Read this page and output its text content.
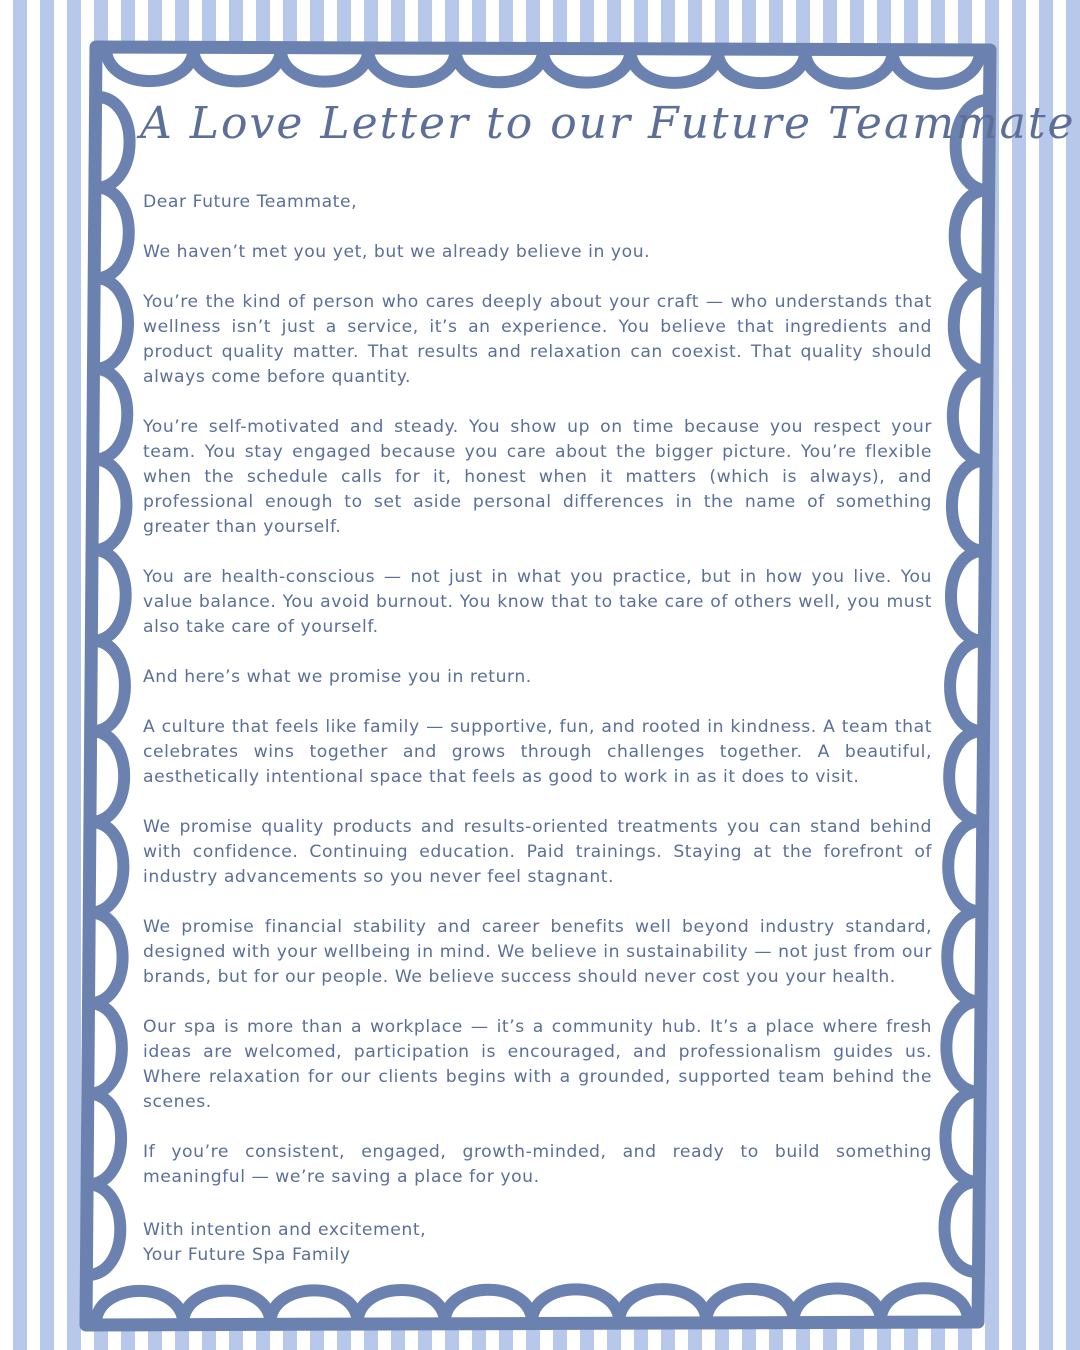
A Love Letter to our Future Teammate

Dear Future Teammate,

We haven’t met you yet, but we already believe in you.

You’re the kind of person who cares deeply about your craft — who understands that wellness isn’t just a service, it’s an experience. You believe that ingredients and product quality matter. That results and relaxation can coexist. That quality should always come before quantity.

You’re self-motivated and steady. You show up on time because you respect your team. You stay engaged because you care about the bigger picture. You’re flexible when the schedule calls for it, honest when it matters (which is always), and professional enough to set aside personal differences in the name of something greater than yourself.

You are health-conscious — not just in what you practice, but in how you live. You value balance. You avoid burnout. You know that to take care of others well, you must also take care of yourself.

And here’s what we promise you in return.

A culture that feels like family — supportive, fun, and rooted in kindness. A team that celebrates wins together and grows through challenges together. A beautiful, aesthetically intentional space that feels as good to work in as it does to visit.

We promise quality products and results-oriented treatments you can stand behind with confidence. Continuing education. Paid trainings. Staying at the forefront of industry advancements so you never feel stagnant.

We promise financial stability and career benefits well beyond industry standard, designed with your wellbeing in mind. We believe in sustainability — not just from our brands, but for our people. We believe success should never cost you your health.

Our spa is more than a workplace — it’s a community hub. It’s a place where fresh ideas are welcomed, participation is encouraged, and professionalism guides us. Where relaxation for our clients begins with a grounded, supported team behind the scenes.

If you’re consistent, engaged, growth-minded, and ready to build something meaningful — we’re saving a place for you.

With intention and excitement,
Your Future Spa Family
